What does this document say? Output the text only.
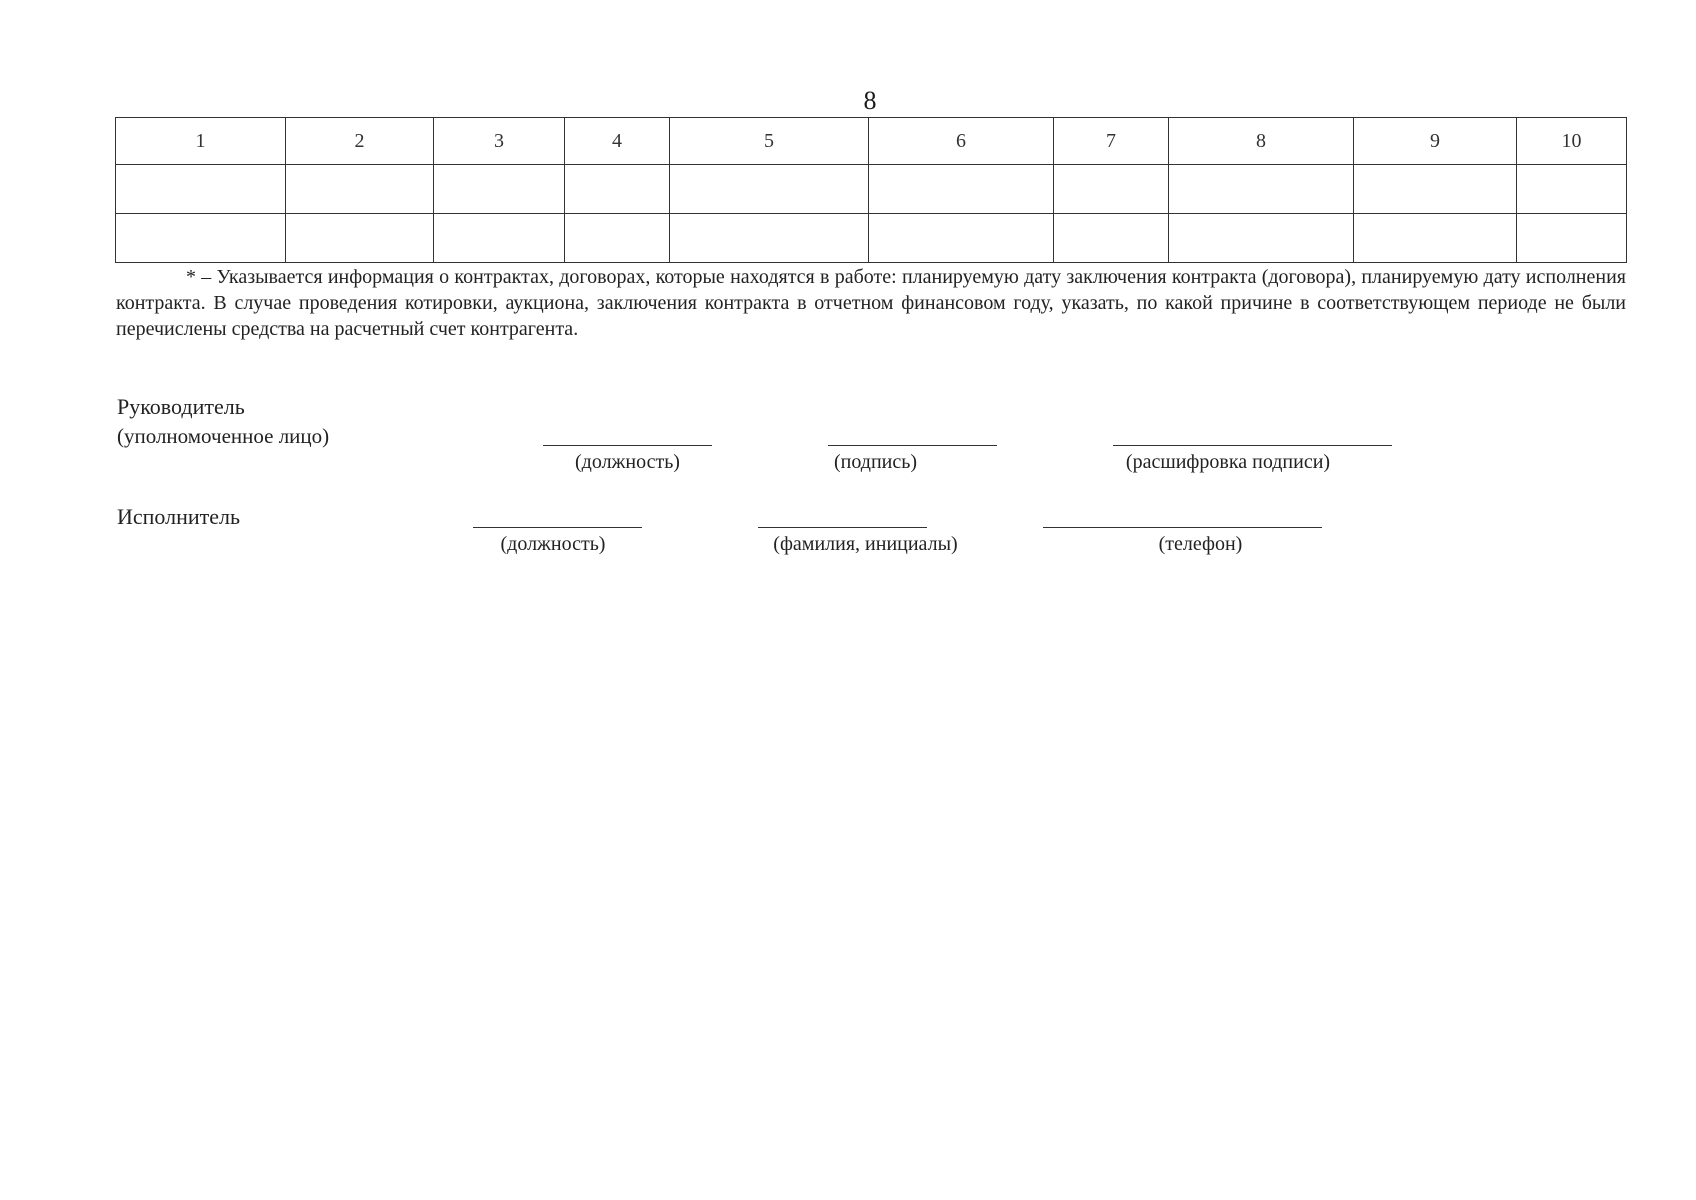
8
1	2	3	4	5	6	7	8	9	10

* – Указывается информация о контрактах, договорах, которые находятся в работе: планируемую дату заключения контракта (договора), планируемую дату исполнения контракта. В случае проведения котировки, аукциона, заключения контракта в отчетном финансовом году, указать, по какой причине в соответствующем периоде не были перечислены средства на расчетный счет контрагента.
Руководитель
(уполномоченное лицо)
(должность)	(подпись)	(расшифровка подписи)
Исполнитель
(должность)	(фамилия, инициалы)	(телефон)
